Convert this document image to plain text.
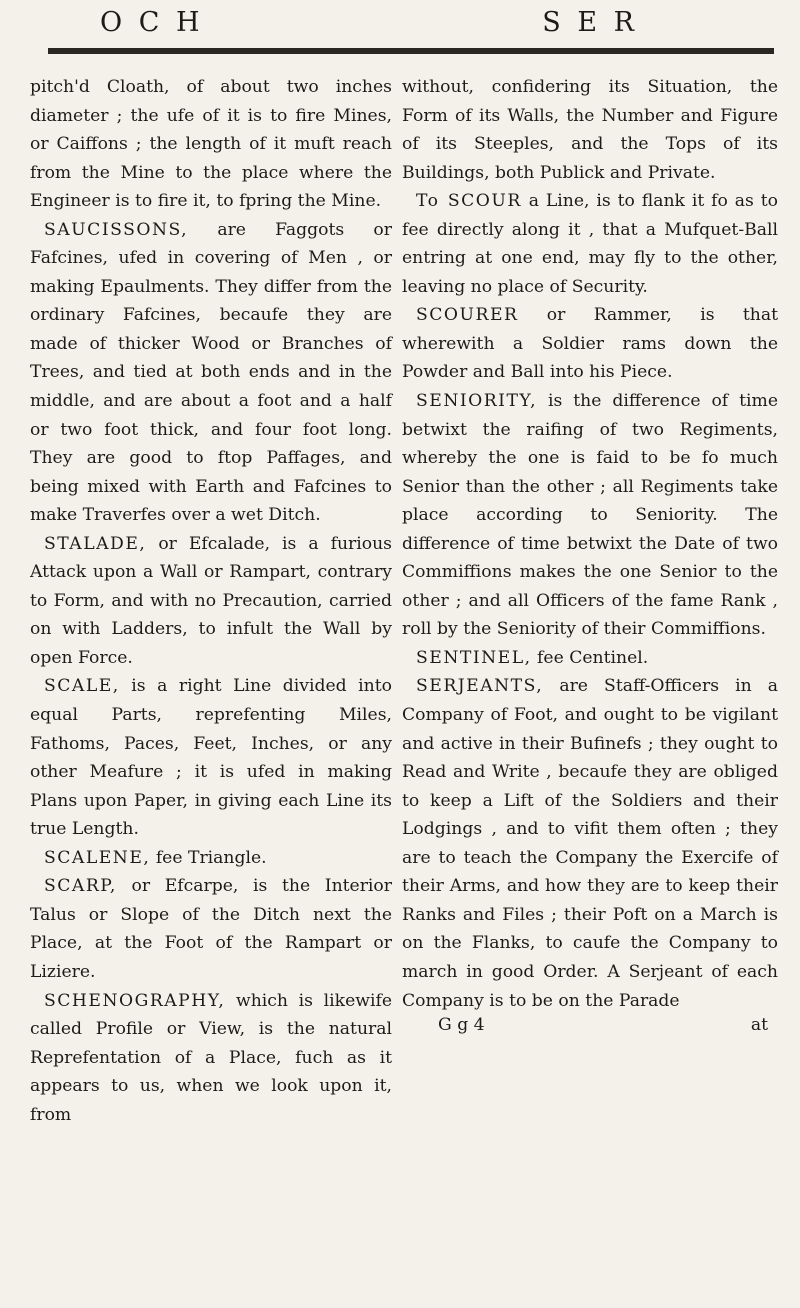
O C H	S E R

pitch'd Cloath, of about two inches diameter ; the ufe of it is to fire Mines, or Caiffons ; the length of it muft reach from the Mine to the place where the Engineer is to fire it, to fpring the Mine.

SAUCISSONS, are Faggots or Fafcines, ufed in covering of Men , or making Epaulments. They differ from the ordinary Fafcines, becaufe they are made of thicker Wood or Branches of Trees, and tied at both ends and in the middle, and are about a foot and a half or two foot thick, and four foot long. They are good to ftop Paffages, and being mixed with Earth and Fafcines to make Traverfes over a wet Ditch.

STALADE, or Efcalade, is a furious Attack upon a Wall or Rampart, contrary to Form, and with no Precaution, carried on with Ladders, to infult the Wall by open Force.

SCALE, is a right Line divided into equal Parts, reprefenting Miles, Fathoms, Paces, Feet, Inches, or any other Meafure ; it is ufed in making Plans upon Paper, in giving each Line its true Length.

SCALENE, fee Triangle.

SCARP, or Efcarpe, is the Interior Talus or Slope of the Ditch next the Place, at the Foot of the Rampart or Liziere.

SCHENOGRAPHY, which is likewife called Profile or View, is the natural Reprefentation of a Place, fuch as it appears to us, when we look upon it, from

without, confidering its Situation, the Form of its Walls, the Number and Figure of its Steeples, and the Tops of its Buildings, both Publick and Private.

To SCOUR a Line, is to flank it fo as to fee directly along it , that a Mufquet-Ball entring at one end, may fly to the other, leaving no place of Security.

SCOURER or Rammer, is that wherewith a Soldier rams down the Powder and Ball into his Piece.

SENIORITY, is the difference of time betwixt the raifing of two Regiments, whereby the one is faid to be fo much Senior than the other ; all Regiments take place according to Seniority. The difference of time betwixt the Date of two Commiffions makes the one Senior to the other ; and all Officers of the fame Rank , roll by the Seniority of their Commiffions.

SENTINEL, fee Centinel.

SERJEANTS, are Staff-Officers in a Company of Foot, and ought to be vigilant and active in their Bufinefs ; they ought to Read and Write , becaufe they are obliged to keep a Lift of the Soldiers and their Lodgings , and to vifit them often ; they are to teach the Company the Exercife of their Arms, and how they are to keep their Ranks and Files ; their Poft on a March is on the Flanks, to caufe the Company to march in good Order. A Serjeant of each Company is to be on the Parade

G g 4	at
